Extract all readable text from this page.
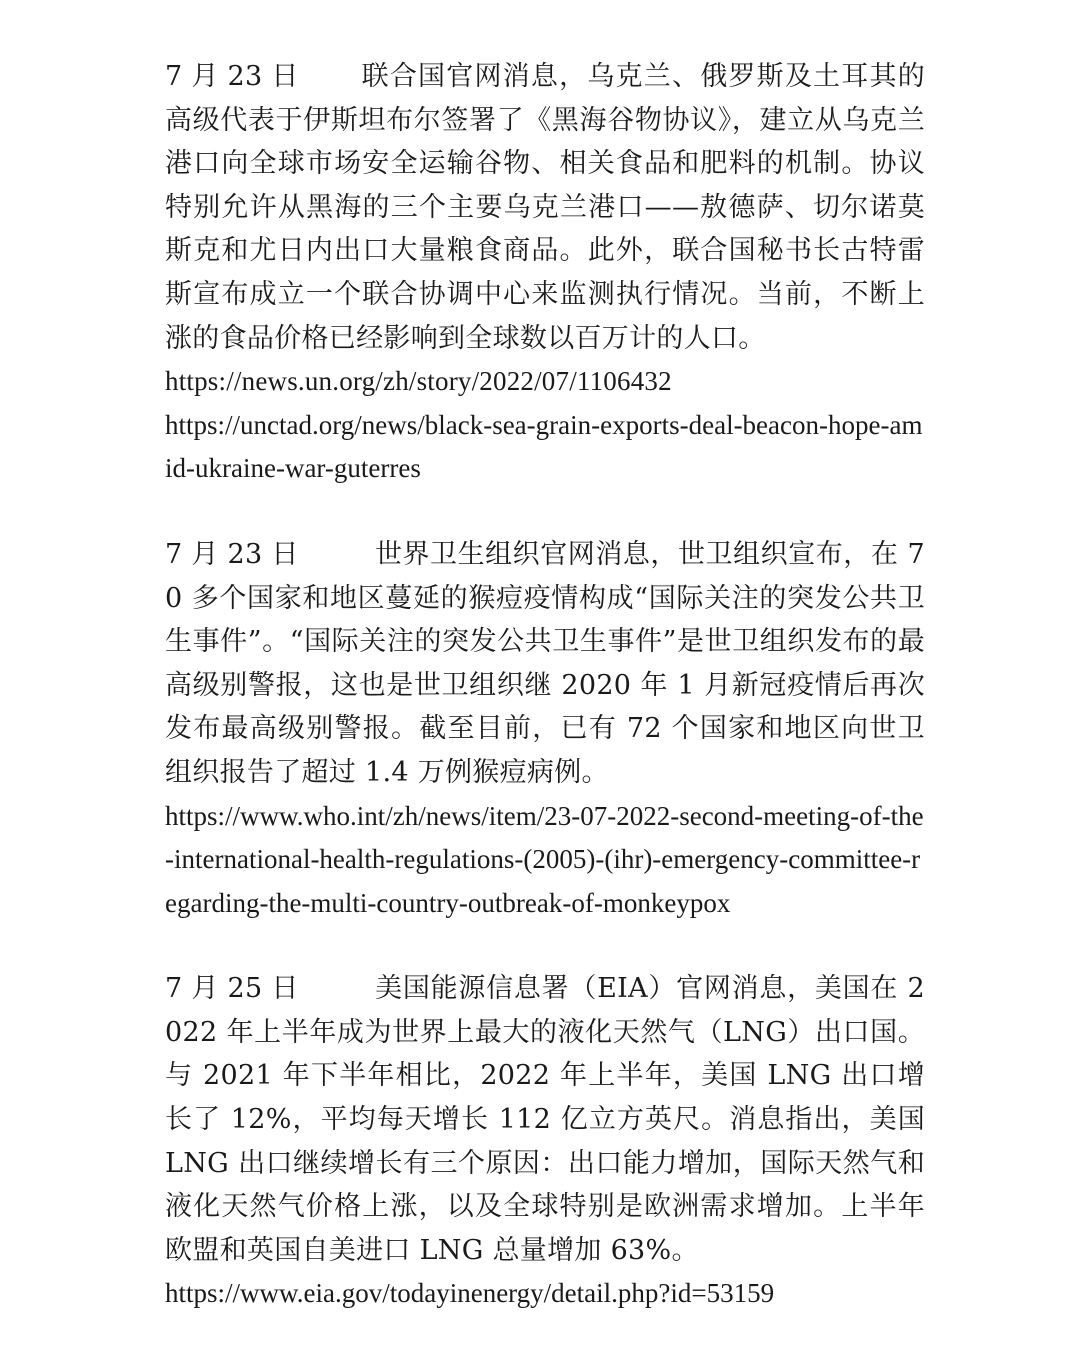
7 月 23 日 联合国官网消息，乌克兰、俄罗斯及土耳其的高级代表于伊斯坦布尔签署了《黑海谷物协议》，建立从乌克兰港口向全球市场安全运输谷物、相关食品和肥料的机制。协议特别允许从黑海的三个主要乌克兰港口——敖德萨、切尔诺莫斯克和尤日内出口大量粮食商品。此外，联合国秘书长古特雷斯宣布成立一个联合协调中心来监测执行情况。当前，不断上涨的食品价格已经影响到全球数以百万计的人口。

https://news.un.org/zh/story/2022/07/1106432
https://unctad.org/news/black-sea-grain-exports-deal-beacon-hope-amid-ukraine-war-guterres

7 月 23 日	世界卫生组织官网消息，世卫组织宣布，在 70 多个国家和地区蔓延的猴痘疫情构成“国际关注的突发公共卫生事件”。“国际关注的突发公共卫生事件”是世卫组织发布的最高级别警报，这也是世卫组织继 2020 年 1 月新冠疫情后再次发布最高级别警报。截至目前，已有 72 个国家和地区向世卫组织报告了超过 1.4 万例猴痘病例。

https://www.who.int/zh/news/item/23-07-2022-second-meeting-of-the-international-health-regulations-(2005)-(ihr)-emergency-committee-regarding-the-multi-country-outbreak-of-monkeypox

7 月 25 日	美国能源信息署（EIA）官网消息，美国在 2022 年上半年成为世界上最大的液化天然气（LNG）出口国。与 2021 年下半年相比，2022 年上半年，美国 LNG 出口增长了 12%，平均每天增长 112 亿立方英尺。消息指出，美国 LNG 出口继续增长有三个原因：出口能力增加，国际天然气和液化天然气价格上涨，以及全球特别是欧洲需求增加。上半年欧盟和英国自美进口 LNG 总量增加 63%。

https://www.eia.gov/todayinenergy/detail.php?id=53159
